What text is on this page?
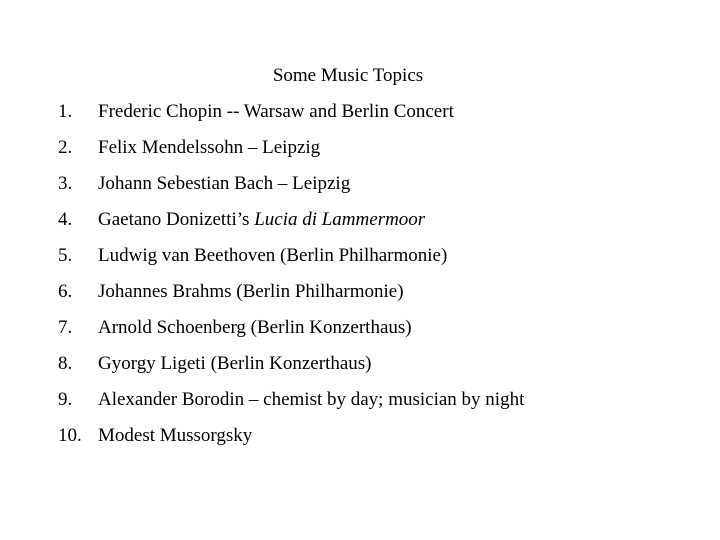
Some Music Topics
1. Frederic Chopin -- Warsaw and Berlin Concert
2. Felix Mendelssohn – Leipzig
3. Johann Sebestian Bach – Leipzig
4. Gaetano Donizetti’s Lucia di Lammermoor
5. Ludwig van Beethoven (Berlin Philharmonie)
6. Johannes Brahms (Berlin Philharmonie)
7. Arnold Schoenberg (Berlin Konzerthaus)
8. Gyorgy Ligeti (Berlin Konzerthaus)
9. Alexander Borodin – chemist by day; musician by night
10. Modest Mussorgsky
